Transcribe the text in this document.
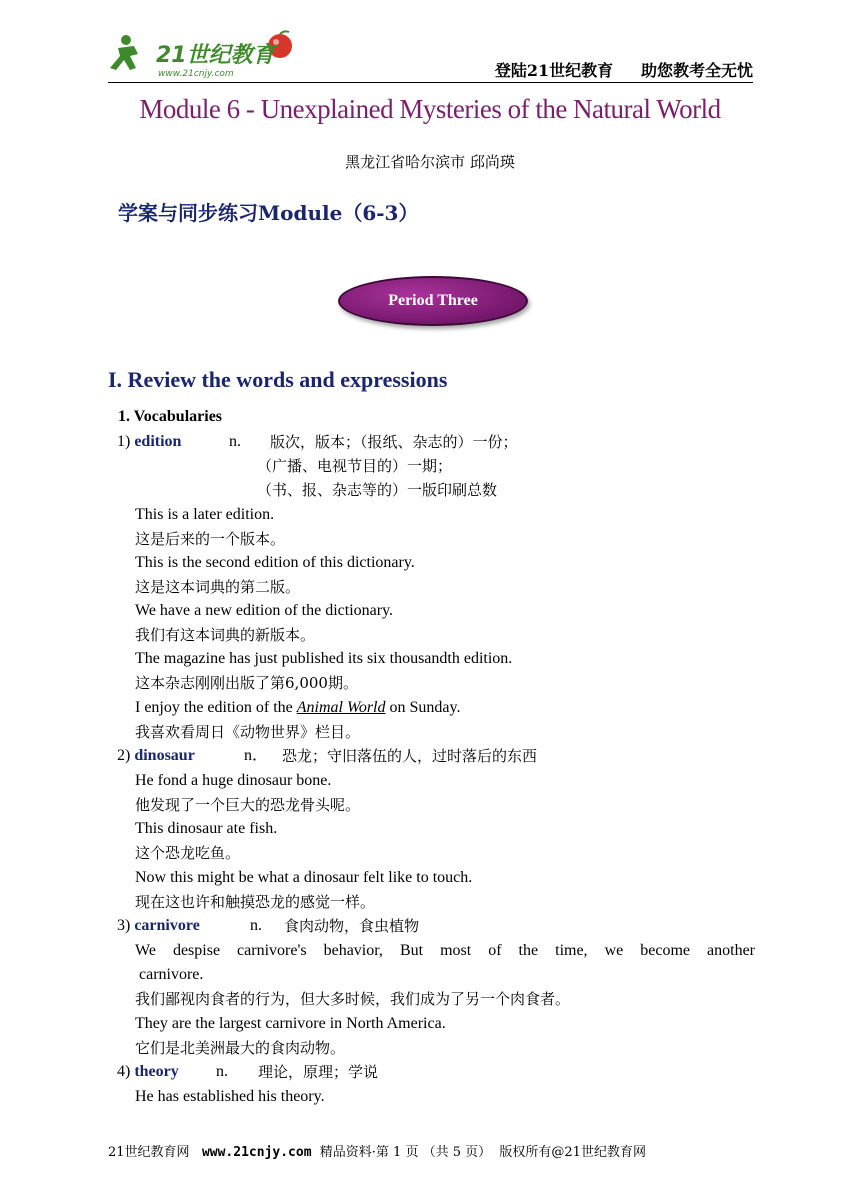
21世纪教育
www.21cnjy.com	登陆21世纪教育 助您教考全无忧
Module 6 - Unexplained Mysteries of the Natural World
黑龙江省哈尔滨市 邱尚瑛
学案与同步练习Module（6-3）
Period Three
I. Review the words and expressions
1. Vocabularies
1) edition	n. 版次，版本；（报纸、杂志的）一份；
（广播、电视节目的）一期；
（书、报、杂志等的）一版印刷总数
This is a later edition.
这是后来的一个版本。
This is the second edition of this dictionary.
这是这本词典的第二版。
We have a new edition of the dictionary.
我们有这本词典的新版本。
The magazine has just published its six thousandth edition.
这本杂志刚刚出版了第6,000期。
I enjoy the edition of the Animal World on Sunday.
我喜欢看周日《动物世界》栏目。
2) dinosaur	n． 恐龙；守旧落伍的人，过时落后的东西
He fond a huge dinosaur bone.
他发现了一个巨大的恐龙骨头呢。
This dinosaur ate fish.
这个恐龙吃鱼。
Now this might be what a dinosaur felt like to touch.
现在这也许和触摸恐龙的感觉一样。
3) carnivore	n. 食肉动物，食虫植物
We despise carnivore's behavior, But most of the time, we become another
carnivore.
我们鄙视肉食者的行为，但大多时候，我们成为了另一个肉食者。
They are the largest carnivore in North America.
它们是北美洲最大的食肉动物。
4) theory n. 理论，原理；学说
He has established his theory.
21世纪教育网 www.21cnjy.com 精品资料·第 1 页 （共 5 页） 版权所有@21世纪教育网
